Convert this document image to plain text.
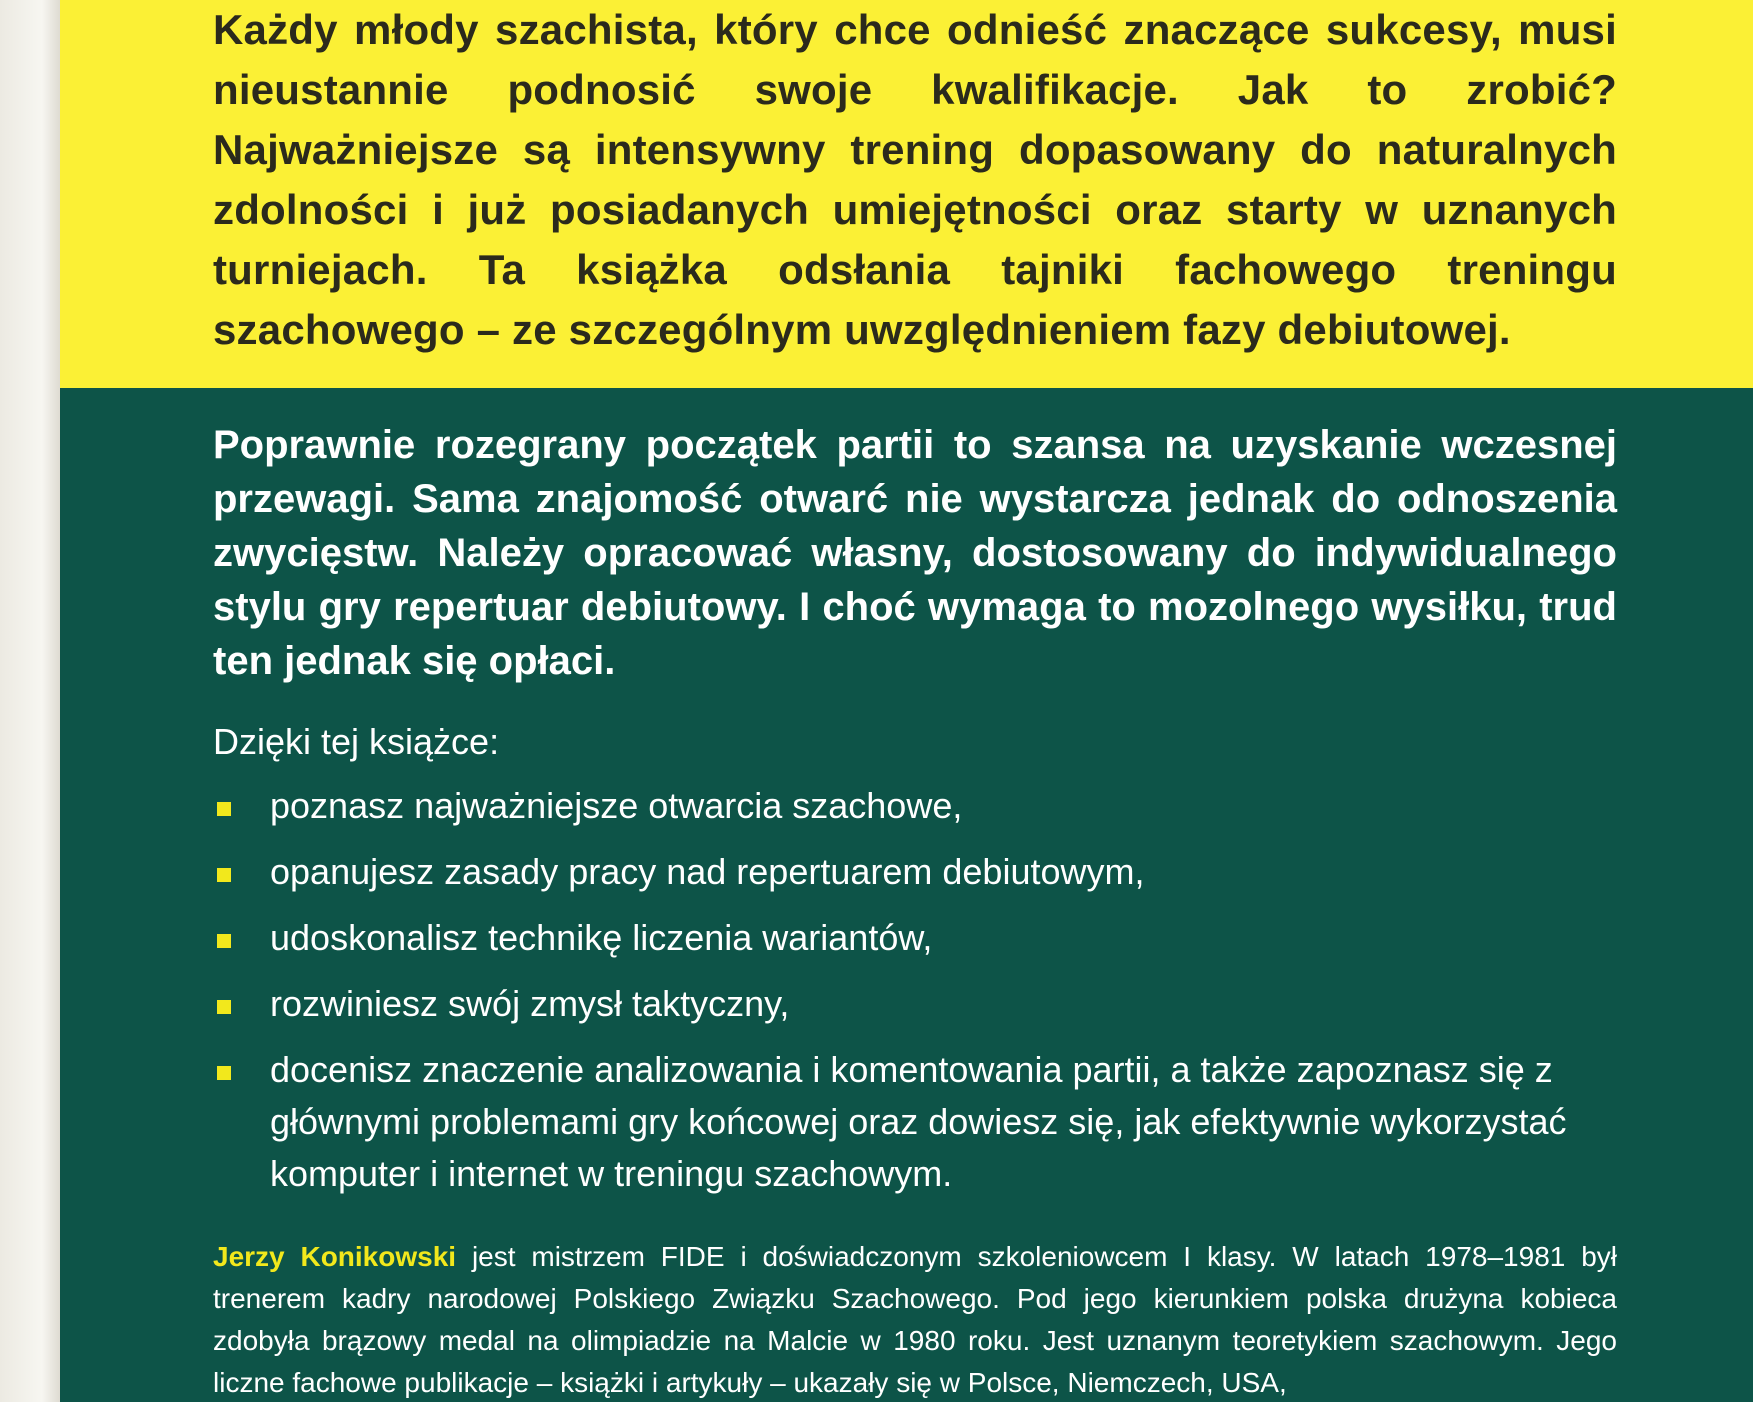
Każdy młody szachista, który chce odnieść znaczące sukcesy, musi nieustannie podnosić swoje kwalifikacje. Jak to zrobić? Najważniejsze są intensywny trening dopasowany do naturalnych zdolności i już posiadanych umiejętności oraz starty w uznanych turniejach. Ta książka odsłania tajniki fachowego treningu szachowego – ze szczególnym uwzględnieniem fazy debiutowej.

Poprawnie rozegrany początek partii to szansa na uzyskanie wczesnej przewagi. Sama znajomość otwarć nie wystarcza jednak do odnoszenia zwycięstw. Należy opracować własny, dostosowany do indywidualnego stylu gry repertuar debiutowy. I choć wymaga to mozolnego wysiłku, trud ten jednak się opłaci.

Dzięki tej książce:

poznasz najważniejsze otwarcia szachowe,
opanujesz zasady pracy nad repertuarem debiutowym,
udoskonalisz technikę liczenia wariantów,
rozwiniesz swój zmysł taktyczny,
docenisz znaczenie analizowania i komentowania partii, a także zapoznasz się z głównymi problemami gry końcowej oraz dowiesz się, jak efektywnie wykorzystać komputer i internet w treningu szachowym.

Jerzy Konikowski jest mistrzem FIDE i doświadczonym szkoleniowcem I klasy. W latach 1978–1981 był trenerem kadry narodowej Polskiego Związku Szachowego. Pod jego kierunkiem polska drużyna kobieca zdobyła brązowy medal na olimpiadzie na Malcie w 1980 roku. Jest uznanym teoretykiem szachowym. Jego liczne fachowe publikacje – książki i artykuły – ukazały się w Polsce, Niemczech, USA,
